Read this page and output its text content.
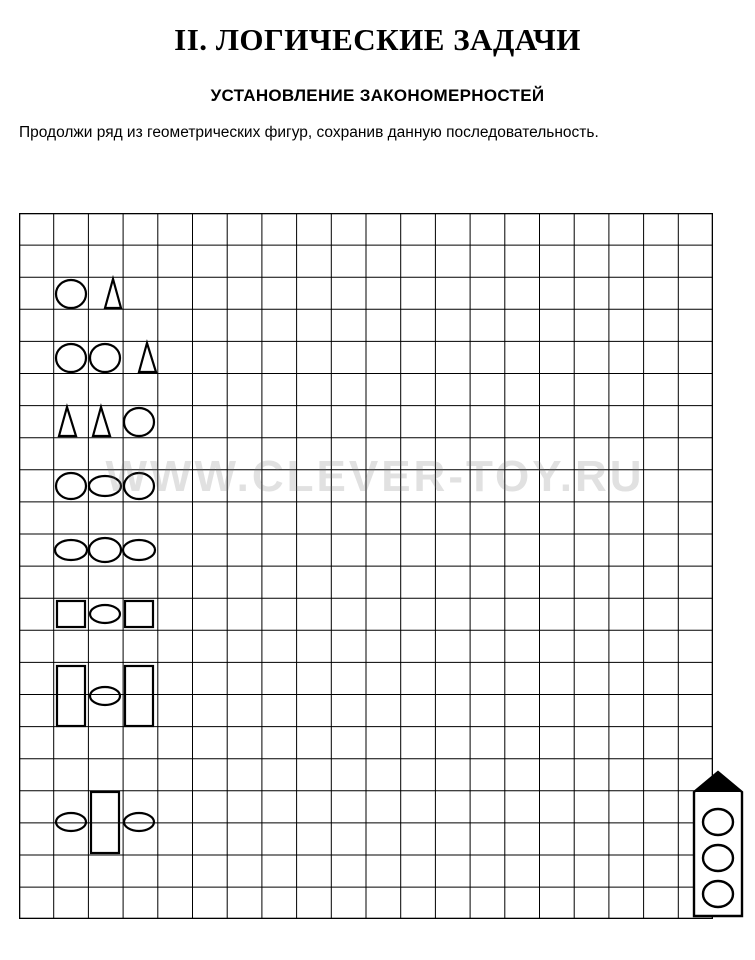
II. ЛОГИЧЕСКИЕ ЗАДАЧИ
УСТАНОВЛЕНИЕ ЗАКОНОМЕРНОСТЕЙ
Продолжи ряд из геометрических фигур, сохранив данную последовательность.
WWW.CLEVER-TOY.RU
